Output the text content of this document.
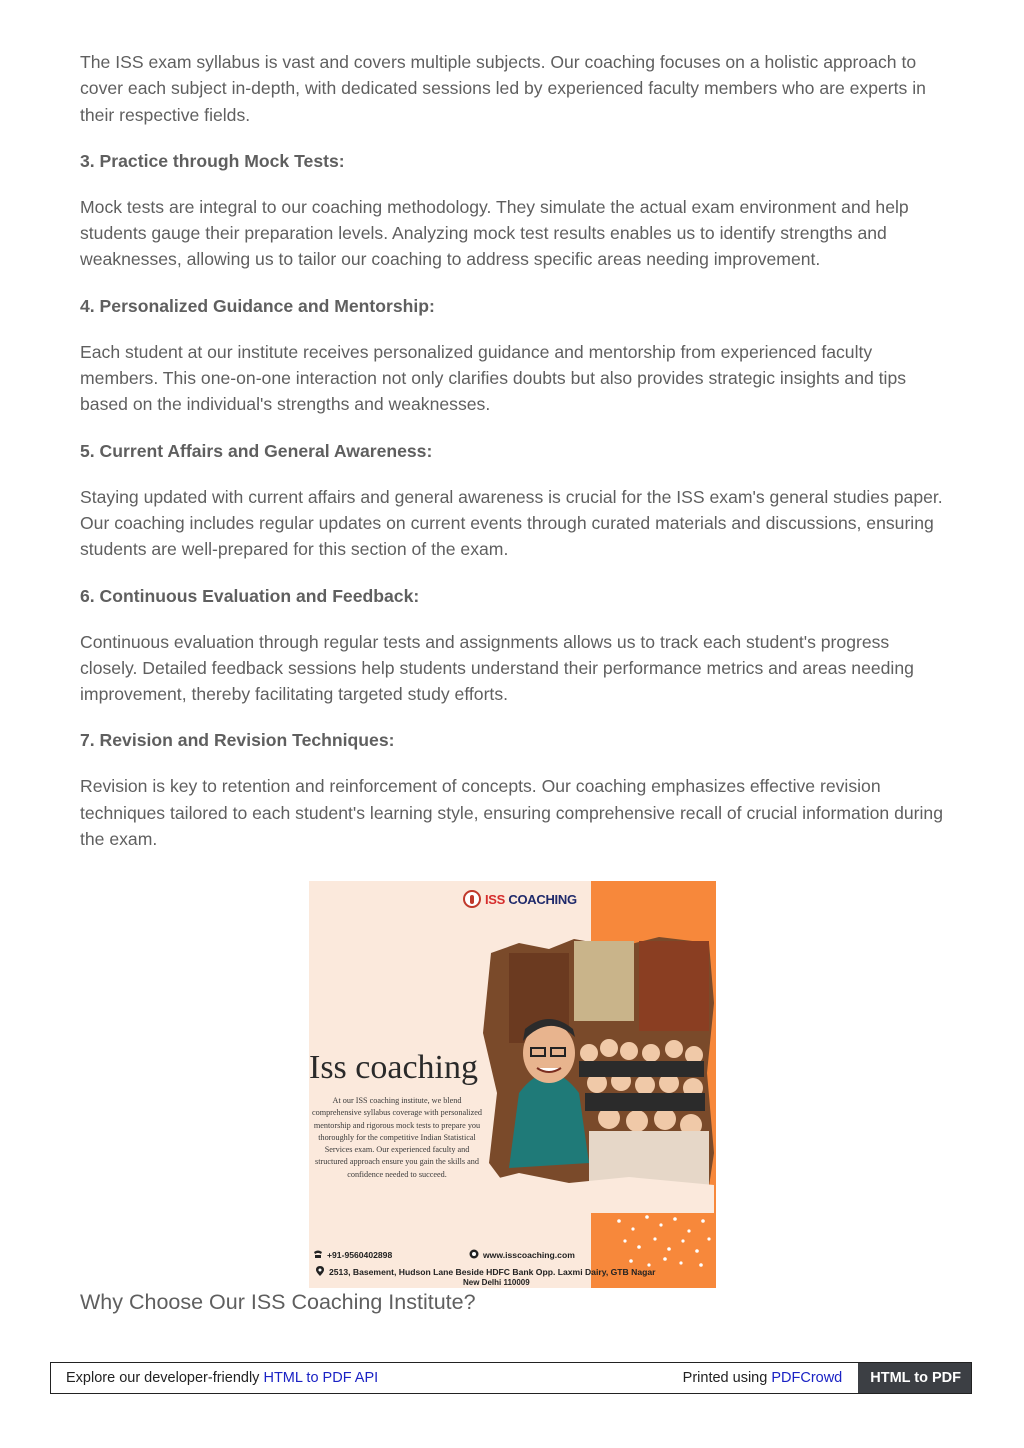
The ISS exam syllabus is vast and covers multiple subjects. Our coaching focuses on a holistic approach to cover each subject in-depth, with dedicated sessions led by experienced faculty members who are experts in their respective fields.

3. Practice through Mock Tests:

Mock tests are integral to our coaching methodology. They simulate the actual exam environment and help students gauge their preparation levels. Analyzing mock test results enables us to identify strengths and weaknesses, allowing us to tailor our coaching to address specific areas needing improvement.

4. Personalized Guidance and Mentorship:

Each student at our institute receives personalized guidance and mentorship from experienced faculty members. This one-on-one interaction not only clarifies doubts but also provides strategic insights and tips based on the individual's strengths and weaknesses.

5. Current Affairs and General Awareness:

Staying updated with current affairs and general awareness is crucial for the ISS exam's general studies paper. Our coaching includes regular updates on current events through curated materials and discussions, ensuring students are well-prepared for this section of the exam.

6. Continuous Evaluation and Feedback:

Continuous evaluation through regular tests and assignments allows us to track each student's progress closely. Detailed feedback sessions help students understand their performance metrics and areas needing improvement, thereby facilitating targeted study efforts.

7. Revision and Revision Techniques:

Revision is key to retention and reinforcement of concepts. Our coaching emphasizes effective revision techniques tailored to each student's learning style, ensuring comprehensive recall of crucial information during the exam.

ISS COACHING
Iss coaching
At our ISS coaching institute, we blend comprehensive syllabus coverage with personalized mentorship and rigorous mock tests to prepare you thoroughly for the competitive Indian Statistical Services exam. Our experienced faculty and structured approach ensure you gain the skills and confidence needed to succeed.
+91-9560402898	www.isscoaching.com
2513, Basement, Hudson Lane Beside HDFC Bank Opp. Laxmi Dairy, GTB Nagar
New Delhi 110009
Why Choose Our ISS Coaching Institute?
Explore our developer-friendly HTML to PDF API	Printed using PDFCrowd	HTML to PDF
